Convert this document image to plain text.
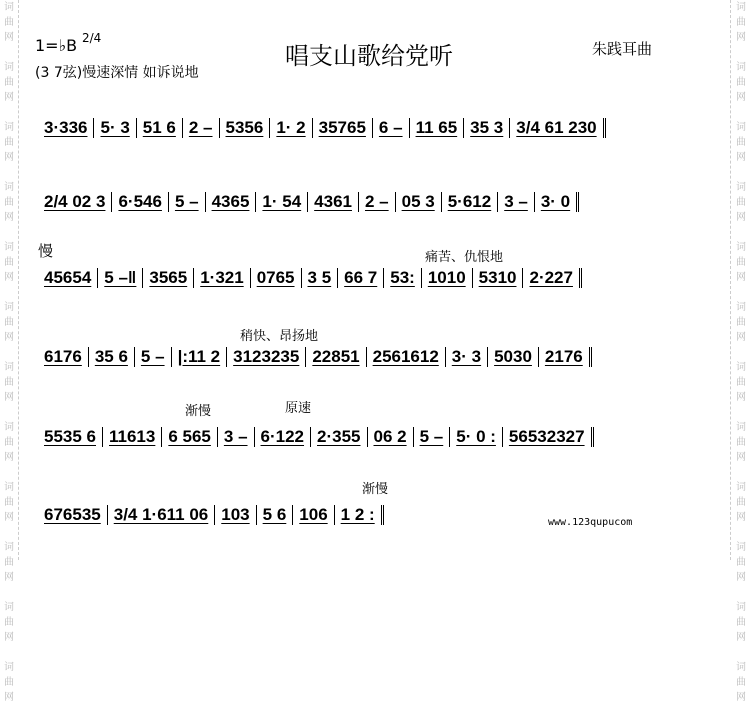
词
曲
网

词
曲
网

词
曲
网

词
曲
网

词
曲
网

词
曲
网

词
曲
网

词
曲
网

词
曲
网

词
曲
网

词
曲
网

词
曲
网

词
曲
网

词
曲
网

词
曲
网

词
曲
网

词
曲
网

词
曲
网

词
曲
网

词
曲
网

词
曲
网

词
曲
网

词
曲
网

词
曲
网

1=♭B 2/4
(3 7弦)慢速深情 如诉说地
唱支山歌给党听	朱践耳曲
慢	痛苦、仇恨地
稍快、昂扬地
渐慢	原速
渐慢
3·336 5· 3 51 6 2 – 5356 1· 2 35765 6 – 11 65 35 3 3/4 61 230
2/4 02 3 6·546 5 – 4365 1· 54 4361 2 – 05 3 5·612 3 – 3· 0
45654 5 –‖ 3565 1·321 0765 3 5 66 7 53: 1010 5310 2·227
6176 35 6 5 – |:11 2 3123235 22851 2561612 3· 3 5030 2176
5535 6 11613 6 565 3 – 6·122 2·355 06 2 5 – 5· 0 : 56532327
676535 3/4 1·611 06 103 5 6 106 1 2 :	www.123qupucom
